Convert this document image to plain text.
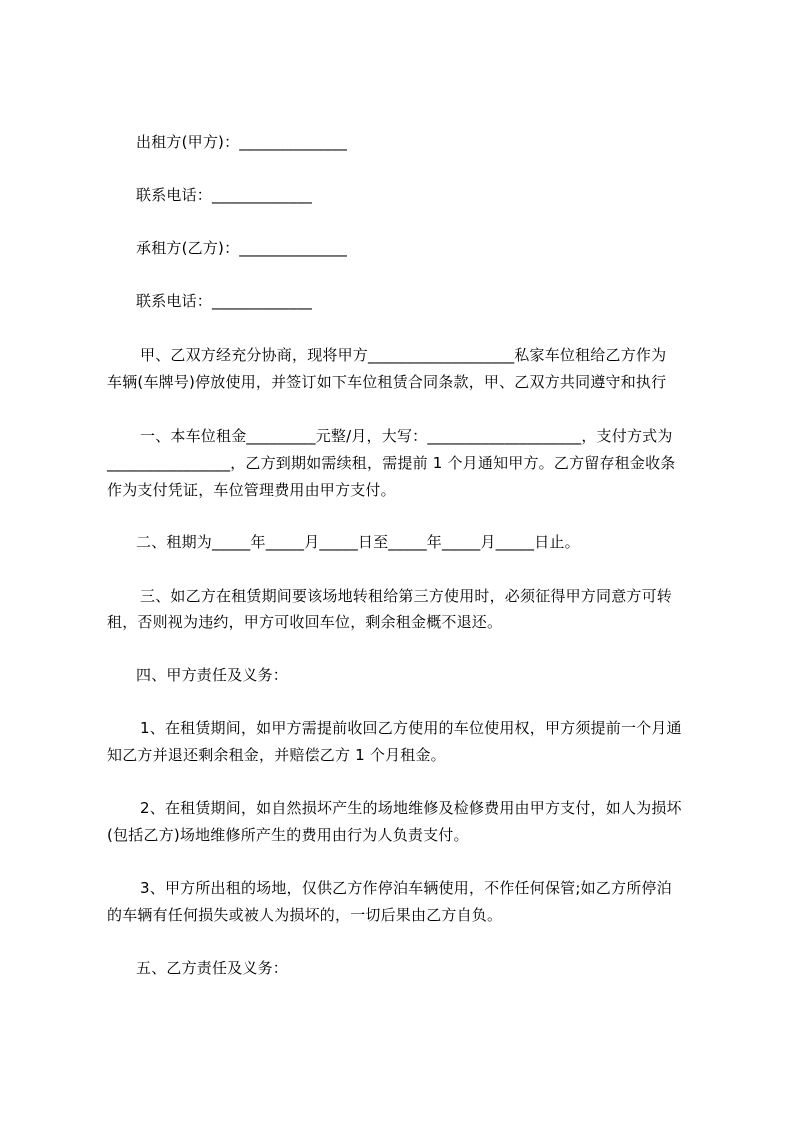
出租方(甲方)：______________
联系电话：_____________
承租方(乙方)：______________
联系电话：_____________
甲、乙双方经充分协商，现将甲方___________________私家车位租给乙方作为
车辆(车牌号)停放使用，并签订如下车位租赁合同条款，甲、乙双方共同遵守和执行
一、本车位租金_________元整/月，大写：____________________，支付方式为
________________，乙方到期如需续租，需提前 1 个月通知甲方。乙方留存租金收条
作为支付凭证，车位管理费用由甲方支付。
二、租期为_____年_____月_____日至_____年_____月_____日止。
三、如乙方在租赁期间要该场地转租给第三方使用时，必须征得甲方同意方可转
租，否则视为违约，甲方可收回车位，剩余租金概不退还。
四、甲方责任及义务：
1、在租赁期间，如甲方需提前收回乙方使用的车位使用权，甲方须提前一个月通
知乙方并退还剩余租金，并赔偿乙方 1 个月租金。
2、在租赁期间，如自然损坏产生的场地维修及检修费用由甲方支付，如人为损坏
(包括乙方)场地维修所产生的费用由行为人负责支付。
3、甲方所出租的场地，仅供乙方作停泊车辆使用，不作任何保管;如乙方所停泊
的车辆有任何损失或被人为损坏的，一切后果由乙方自负。
五、乙方责任及义务：
